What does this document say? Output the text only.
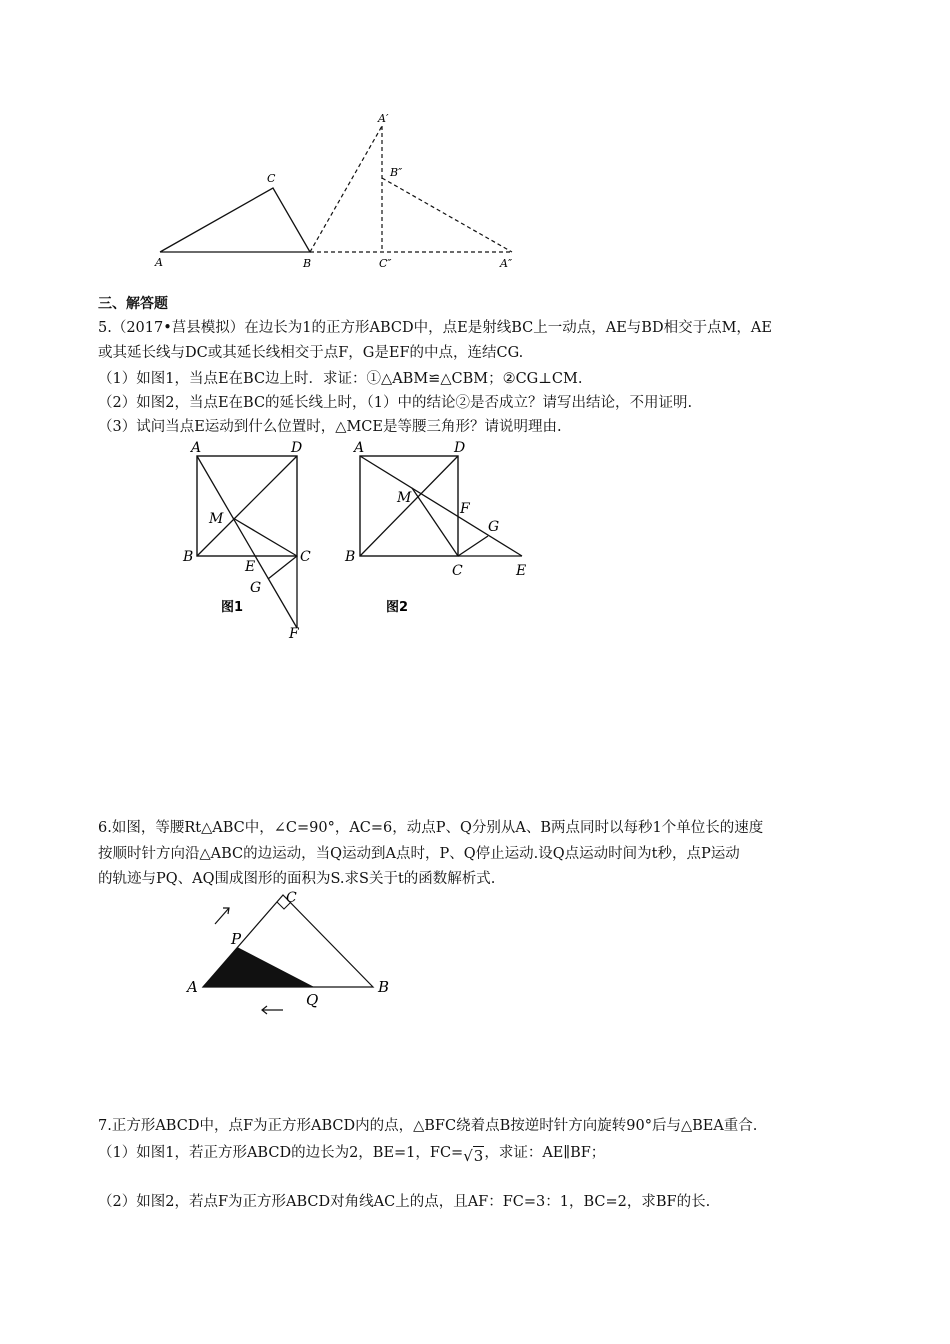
A	B
C
A′
B″
C″	A″
三、解答题
5.（2017•莒县模拟）在边长为1的正方形ABCD中，点E是射线BC上一动点，AE与BD相交于点M，AE
或其延长线与DC或其延长线相交于点F，G是EF的中点，连结CG.
（1）如图1，当点E在BC边上时．求证：①△ABM≌△CBM；②CG⊥CM.
（2）如图2，当点E在BC的延长线上时，（1）中的结论②是否成立？请写出结论，不用证明.
（3）试问当点E运动到什么位置时，△MCE是等腰三角形？请说明理由.
A	D
B	C
M
E
G
F
图1
A	D
B
C
M
F
G
E
图2
6.如图，等腰Rt△ABC中，∠C=90°，AC=6，动点P、Q分别从A、B两点同时以每秒1个单位长的速度
按顺时针方向沿△ABC的边运动，当Q运动到A点时，P、Q停止运动.设Q点运动时间为t秒，点P运动
的轨迹与PQ、AQ围成图形的面积为S.求S关于t的函数解析式.
C
P
A
Q
B
7.正方形ABCD中，点F为正方形ABCD内的点，△BFC绕着点B按逆时针方向旋转90°后与△BEA重合.
（1）如图1，若正方形ABCD的边长为2，BE=1，FC=√3，求证：AE∥BF；
（2）如图2，若点F为正方形ABCD对角线AC上的点，且AF：FC=3：1，BC=2，求BF的长.
